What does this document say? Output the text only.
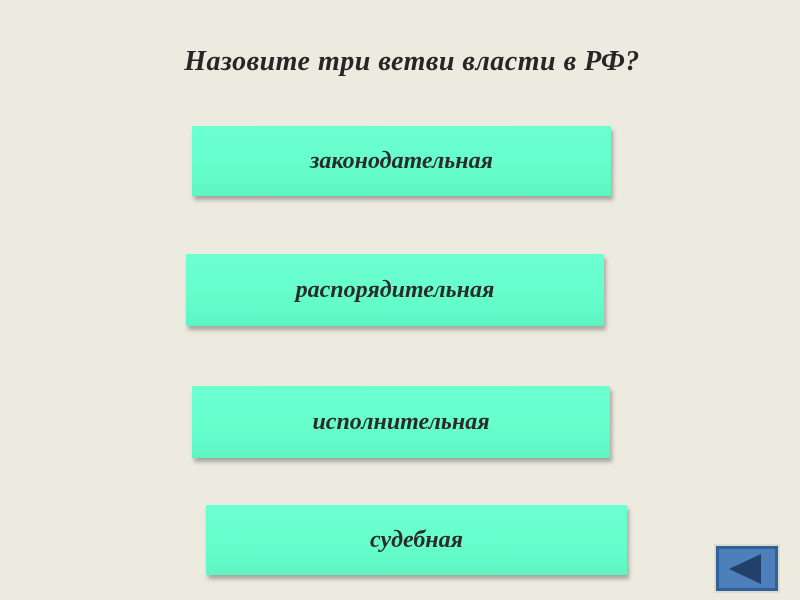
Назовите три ветви власти в РФ?
законодательная
распорядительная
исполнительная
судебная
